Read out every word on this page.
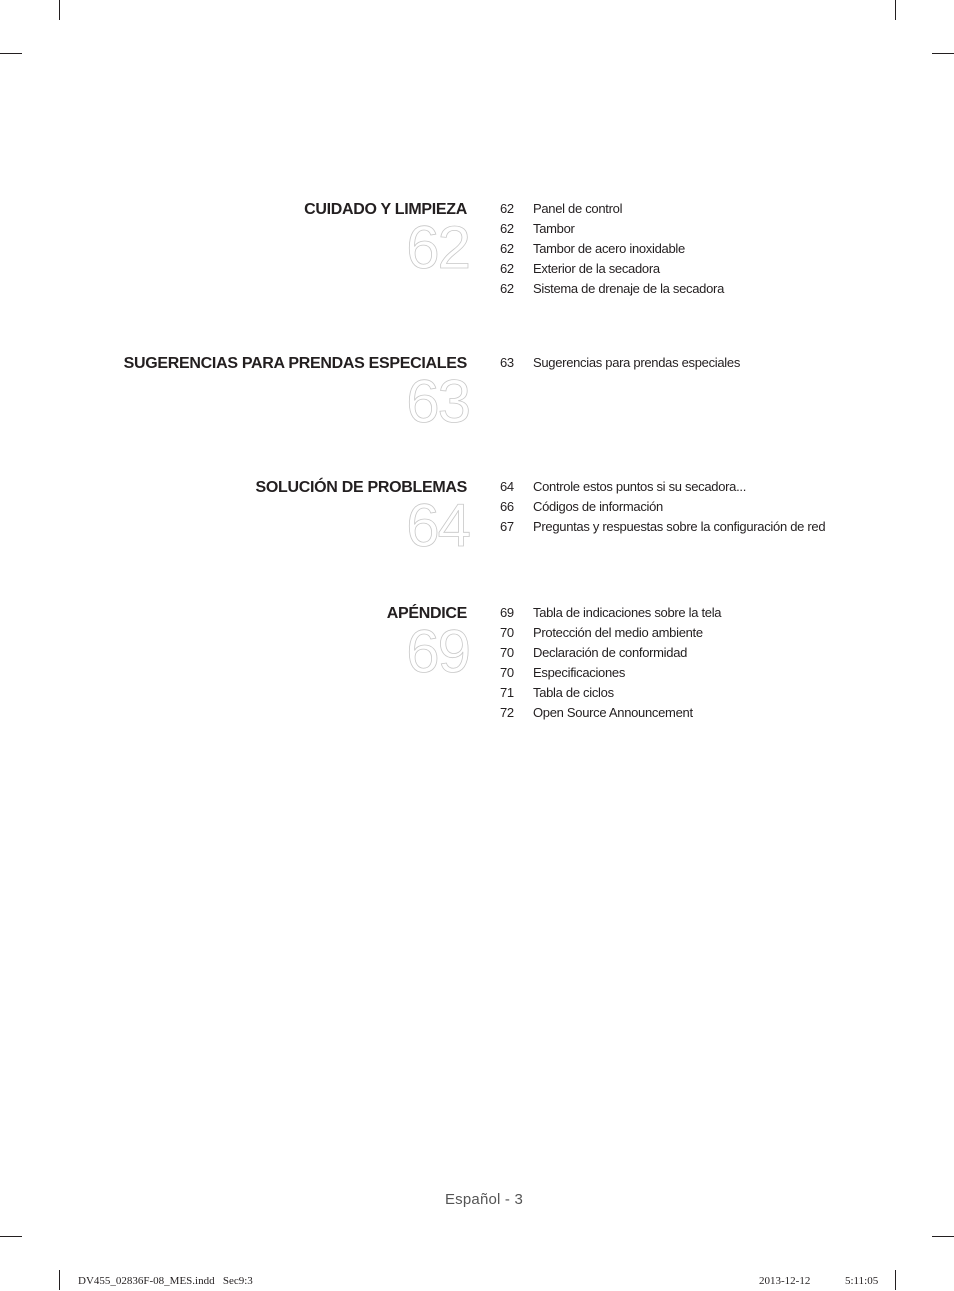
CUIDADO Y LIMPIEZA
62
62 Panel de control
62 Tambor
62 Tambor de acero inoxidable
62 Exterior de la secadora
62 Sistema de drenaje de la secadora
SUGERENCIAS PARA PRENDAS ESPECIALES
63
63 Sugerencias para prendas especiales
SOLUCIÓN DE PROBLEMAS
64
64 Controle estos puntos si su secadora...
66 Códigos de información
67 Preguntas y respuestas sobre la configuración de red
APÉNDICE
69
69 Tabla de indicaciones sobre la tela
70 Protección del medio ambiente
70 Declaración de conformidad
70 Especificaciones
71 Tabla de ciclos
72 Open Source Announcement
Español - 3
DV455_02836F-08_MES.indd   Sec9:3	2013-12-12	5:11:05
